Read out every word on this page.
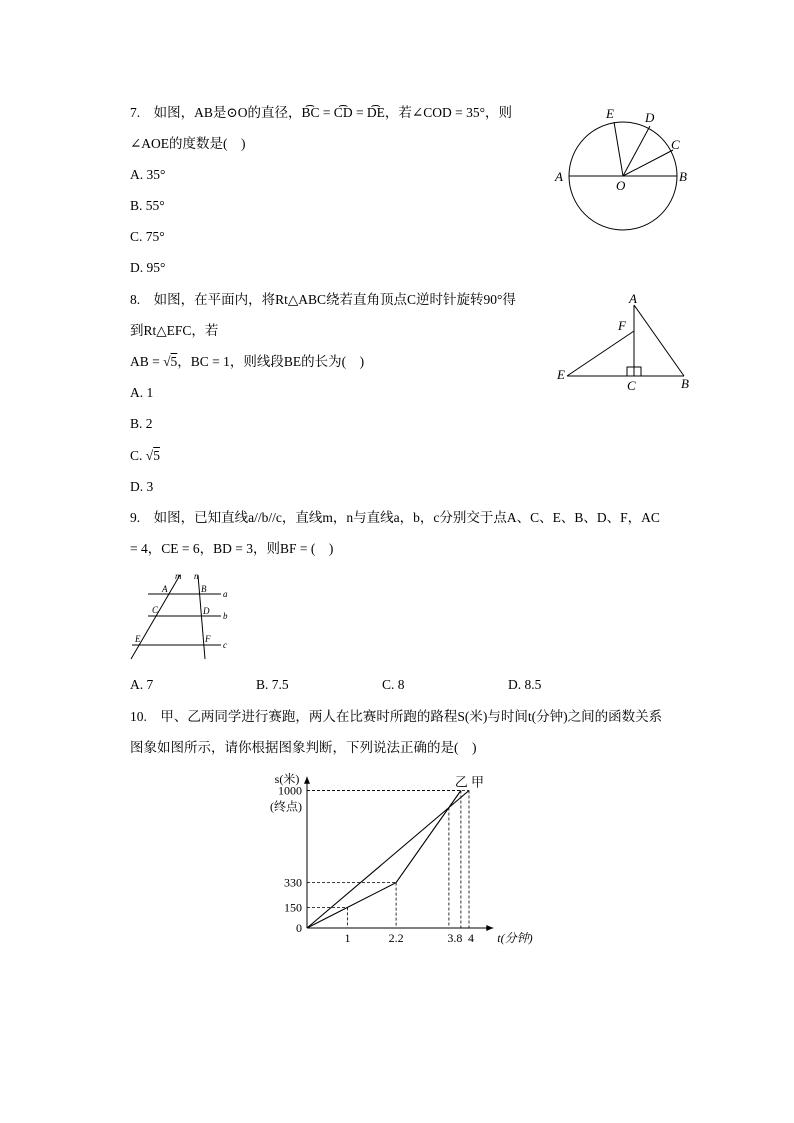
7.　如图，AB是⊙O的直径，B͡C = C͡D = D͡E，若∠COD = 35°，则
∠AOE的度数是(　)
A. 35°
B. 55°
C. 75°
D. 95°
A	B
C
D
E
O
8.　如图，在平面内，将Rt△ABC绕若直角顶点C逆时针旋转90°得
到Rt△EFC，若
AB = √5，BC = 1，则线段BE的长为(　)
A. 1
B. 2
C. √5
D. 3
A
F
E
C	B
9.　如图，已知直线a//b//c，直线m，n与直线a，b，c分别交于点A、C、E、B、D、F，AC
= 4，CE = 6，BD = 3，则BF = (　)
m n
a
b
c
A	B
C	D
E	F
A. 7	B. 7.5	C. 8	D. 8.5
10.　甲、乙两同学进行赛跑，两人在比赛时所跑的路程S(米)与时间t(分钟)之间的函数关系
图象如图所示，请你根据图象判断，下列说法正确的是(　)
甲
乙
1	2.2	3.8 4
0
150
330
1000
(终点)
s(米)
t(分钟)
